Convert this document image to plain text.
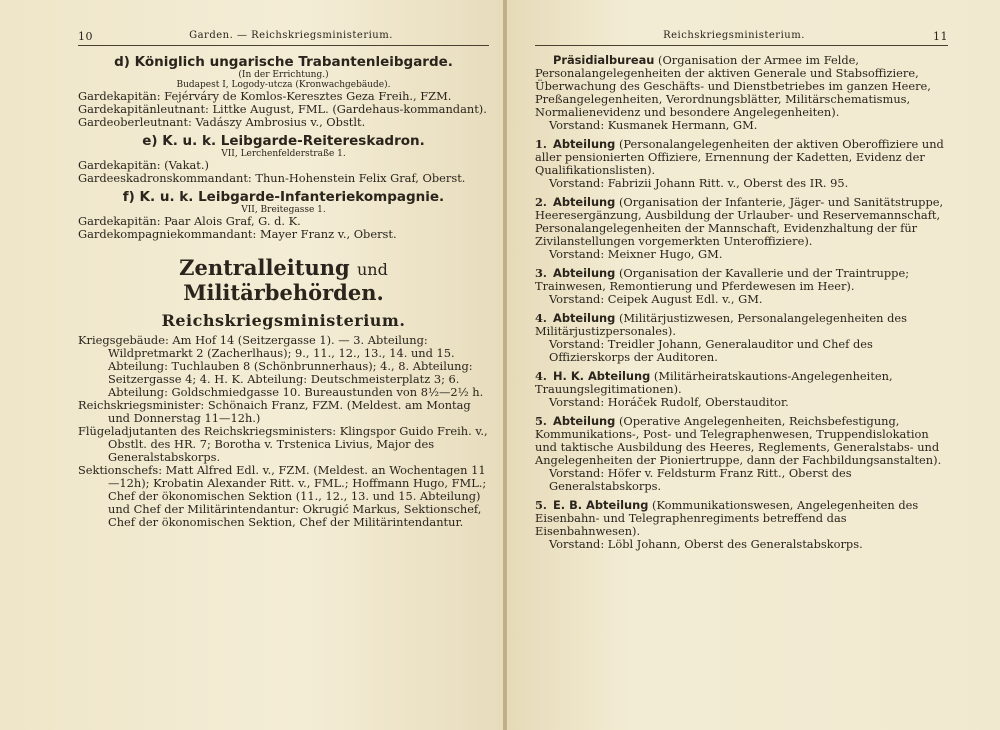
10	Garden. — Reichskriegsministerium.
d) Königlich ungarische Trabantenleibgarde.
(In der Errichtung.)
Budapest I, Logody-utcza (Kronwachgebäude).

Gardekapitän: Fejérváry de Komlos-Keresztes Geza Freih., FZM.

Gardekapitänleutnant: Littke August, FML. (Gardehaus-kommandant).

Gardeoberleutnant: Vadászy Ambrosius v., Obstlt.

e) K. u. k. Leibgarde-Reitereskadron.
VII, Lerchenfelderstraße 1.

Gardekapitän: (Vakat.)

Gardeeskadronskommandant: Thun-Hohenstein Felix Graf, Oberst.

f) K. u. k. Leibgarde-Infanteriekompagnie.
VII, Breitegasse 1.

Gardekapitän: Paar Alois Graf, G. d. K.

Gardekompagniekommandant: Mayer Franz v., Oberst.

Zentralleitung und Militärbehörden.
Reichskriegsministerium.

Kriegsgebäude: Am Hof 14 (Seitzergasse 1). — 3. Abteilung: Wildpretmarkt 2 (Zacherlhaus); 9., 11., 12., 13., 14. und 15. Abteilung: Tuchlauben 8 (Schönbrunnerhaus); 4., 8. Abteilung: Seitzergasse 4; 4. H. K. Abteilung: Deutschmeisterplatz 3; 6. Abteilung: Goldschmiedgasse 10. Bureaustunden von 8½—2½ h.

Reichskriegsminister: Schönaich Franz, FZM. (Meldest. am Montag und Donnerstag 11—12h.)

Flügeladjutanten des Reichskriegsministers: Klingspor Guido Freih. v., Obstlt. des HR. 7; Borotha v. Trstenica Livius, Major des Generalstabskorps.

Sektionschefs: Matt Alfred Edl. v., FZM. (Meldest. an Wochentagen 11—12h); Krobatin Alexander Ritt. v., FML.; Hoffmann Hugo, FML.; Chef der ökonomischen Sektion (11., 12., 13. und 15. Abteilung) und Chef der Militärintendantur: Okrugić Markus, Sektionschef, Chef der ökonomischen Sektion, Chef der Militärintendantur.

Reichskriegsministerium.	11
Präsidialbureau (Organisation der Armee im Felde, Personalangelegenheiten der aktiven Generale und Stabsoffiziere, Überwachung des Geschäfts- und Dienstbetriebes im ganzen Heere, Preßangelegenheiten, Verordnungsblätter, Militärschematismus, Normalienevidenz und besondere Angelegenheiten).
Vorstand: Kusmanek Hermann, GM.
1. Abteilung (Personalangelegenheiten der aktiven Oberoffiziere und aller pensionierten Offiziere, Ernennung der Kadetten, Evidenz der Qualifikationslisten).
Vorstand: Fabrizii Johann Ritt. v., Oberst des IR. 95.
2. Abteilung (Organisation der Infanterie, Jäger- und Sanitätstruppe, Heeresergänzung, Ausbildung der Urlauber- und Reservemannschaft, Personalangelegenheiten der Mannschaft, Evidenzhaltung der für Zivilanstellungen vorgemerkten Unteroffiziere).
Vorstand: Meixner Hugo, GM.
3. Abteilung (Organisation der Kavallerie und der Traintruppe; Trainwesen, Remontierung und Pferdewesen im Heer).
Vorstand: Ceipek August Edl. v., GM.
4. Abteilung (Militärjustizwesen, Personalangelegenheiten des Militärjustizpersonales).
Vorstand: Treidler Johann, Generalauditor und Chef des Offizierskorps der Auditoren.
4. H. K. Abteilung (Militärheiratskautions-Angelegenheiten, Trauungslegitimationen).
Vorstand: Horáček Rudolf, Oberstauditor.
5. Abteilung (Operative Angelegenheiten, Reichsbefestigung, Kommunikations-, Post- und Telegraphenwesen, Truppendislokation und taktische Ausbildung des Heeres, Reglements, Generalstabs- und Angelegenheiten der Pioniertruppe, dann der Fachbildungsanstalten).
Vorstand: Höfer v. Feldsturm Franz Ritt., Oberst des Generalstabskorps.
5. E. B. Abteilung (Kommunikationswesen, Angelegenheiten des Eisenbahn- und Telegraphenregiments betreffend das Eisenbahnwesen).
Vorstand: Löbl Johann, Oberst des Generalstabskorps.
